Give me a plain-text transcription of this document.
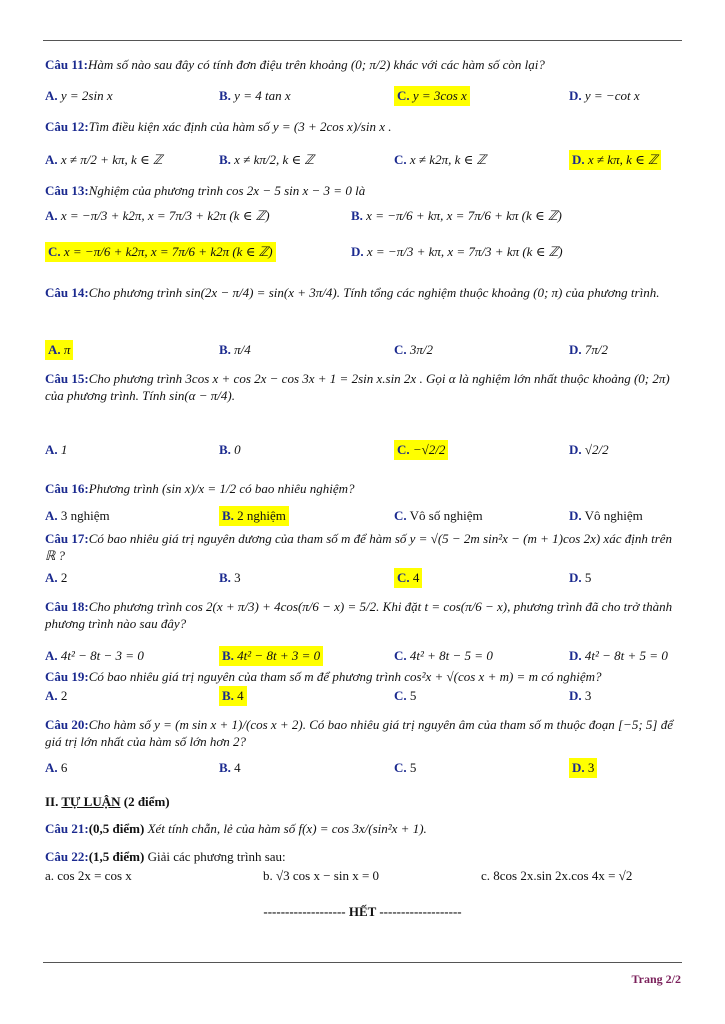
Câu 11:Hàm số nào sau đây có tính đơn điệu trên khoảng (0; π/2) khác với các hàm số còn lại?
A. y = 2sin x	B. y = 4 tan x	C. y = 3cos x	D. y = −cot x
Câu 12:Tìm điều kiện xác định của hàm số y = (3 + 2cos x)/sin x .
A. x ≠ π/2 + kπ, k ∈ ℤ	B. x ≠ kπ/2, k ∈ ℤ	C. x ≠ k2π, k ∈ ℤ	D. x ≠ kπ, k ∈ ℤ
Câu 13:Nghiệm của phương trình cos 2x − 5 sin x − 3 = 0 là
A. x = −π/3 + k2π, x = 7π/3 + k2π (k ∈ ℤ)	B. x = −π/6 + kπ, x = 7π/6 + kπ (k ∈ ℤ)
C. x = −π/6 + k2π, x = 7π/6 + k2π (k ∈ ℤ)	D. x = −π/3 + kπ, x = 7π/3 + kπ (k ∈ ℤ)
Câu 14:Cho phương trình sin(2x − π/4) = sin(x + 3π/4). Tính tổng các nghiệm thuộc khoảng (0; π) của phương trình.
A. π	B. π/4	C. 3π/2	D. 7π/2
Câu 15:Cho phương trình 3cos x + cos 2x − cos 3x + 1 = 2sin x.sin 2x . Gọi α là nghiệm lớn nhất thuộc khoảng (0; 2π) của phương trình. Tính sin(α − π/4).
A. 1	B. 0	C. −√2/2	D. √2/2
Câu 16:Phương trình (sin x)/x = 1/2 có bao nhiêu nghiệm?
A. 3 nghiệm	B. 2 nghiệm	C. Vô số nghiệm	D. Vô nghiệm
Câu 17:Có bao nhiêu giá trị nguyên dương của tham số m để hàm số y = √(5 − 2m sin²x − (m + 1)cos 2x) xác định trên ℝ ?
A. 2	B. 3	C. 4	D. 5
Câu 18:Cho phương trình cos 2(x + π/3) + 4cos(π/6 − x) = 5/2. Khi đặt t = cos(π/6 − x), phương trình đã cho trở thành phương trình nào sau đây?
A. 4t² − 8t − 3 = 0	B. 4t² − 8t + 3 = 0	C. 4t² + 8t − 5 = 0	D. 4t² − 8t + 5 = 0
Câu 19:Có bao nhiêu giá trị nguyên của tham số m để phương trình cos²x + √(cos x + m) = m có nghiệm?
A. 2	B. 4	C. 5	D. 3
Câu 20:Cho hàm số y = (m sin x + 1)/(cos x + 2). Có bao nhiêu giá trị nguyên âm của tham số m thuộc đoạn [−5; 5] để giá trị lớn nhất của hàm số lớn hơn 2?
A. 6	B. 4	C. 5	D. 3
II. TỰ LUẬN (2 điểm)
Câu 21:(0,5 điểm) Xét tính chẵn, lẻ của hàm số f(x) = cos 3x/(sin²x + 1).
Câu 22:(1,5 điểm) Giải các phương trình sau:
a. cos 2x = cos x	b. √3 cos x − sin x = 0	c. 8cos 2x.sin 2x.cos 4x = √2
------------------- HẾT -------------------
Trang 2/2
